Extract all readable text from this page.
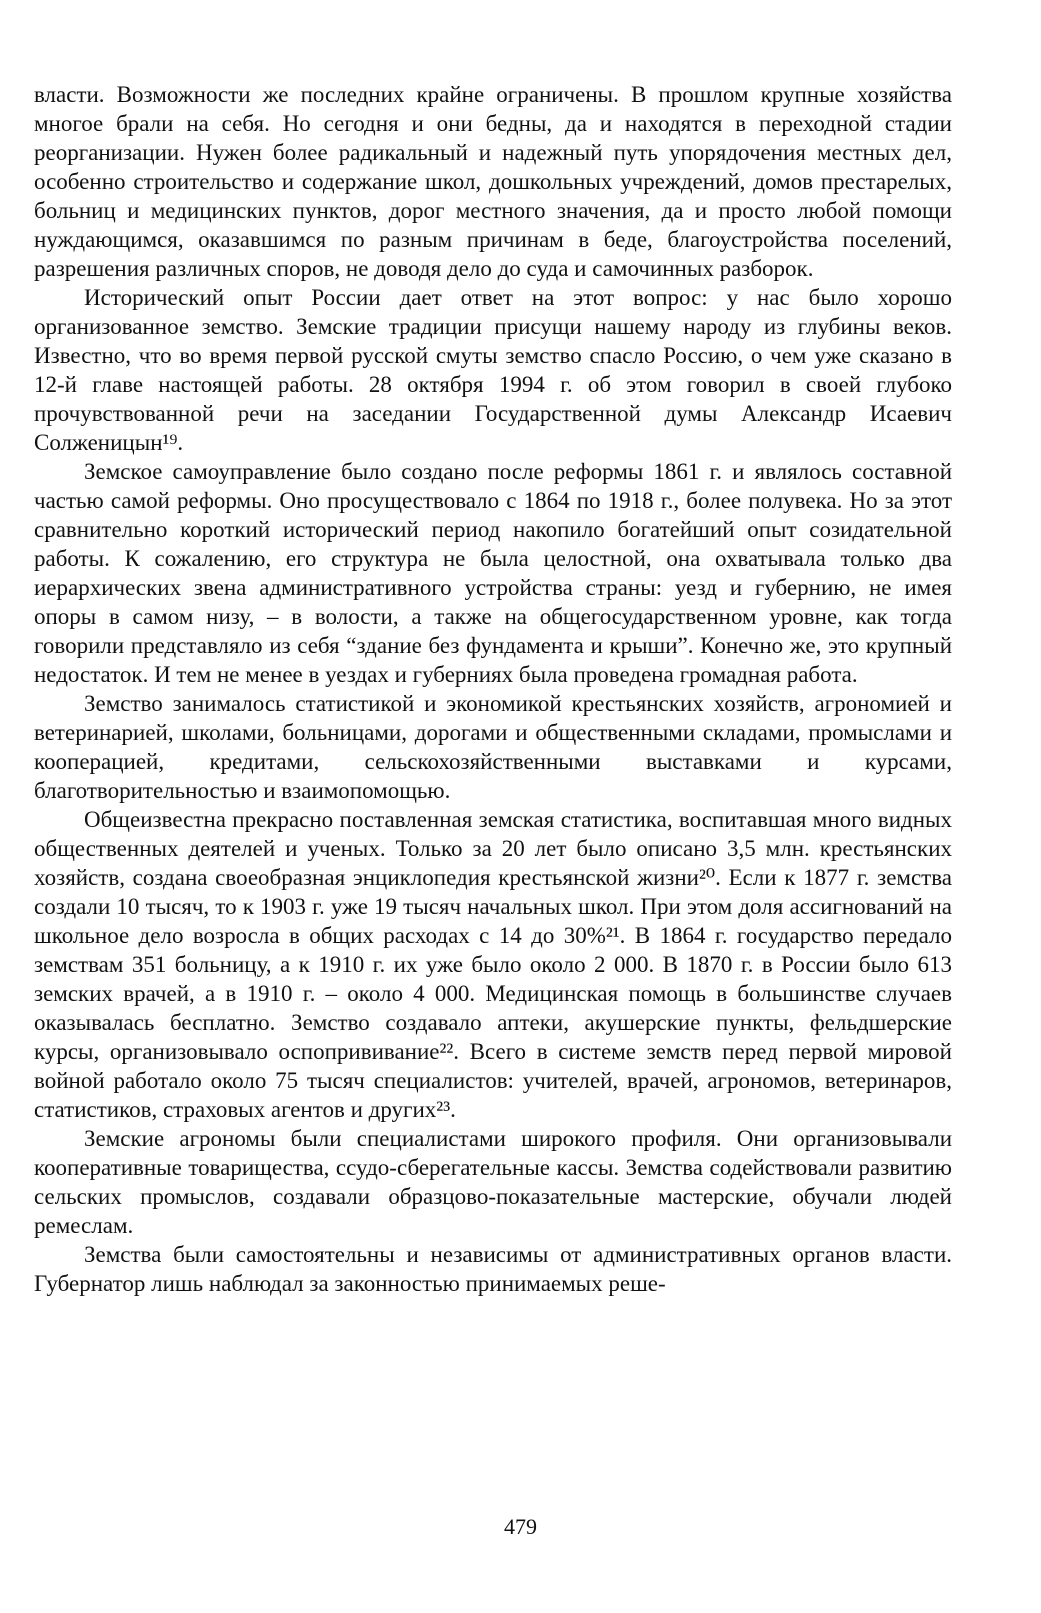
власти. Возможности же последних крайне ограничены. В прошлом крупные хозяйства многое брали на себя. Но сегодня и они бедны, да и находятся в переходной стадии реорганизации. Нужен более радикальный и надежный путь упорядочения местных дел, особенно строительство и содержание школ, дошкольных учреждений, домов престарелых, больниц и медицинских пунктов, дорог местного значения, да и просто любой помощи нуждающимся, оказавшимся по разным причинам в беде, благоустройства поселений, разрешения различных споров, не доводя дело до суда и самочинных разборок.

Исторический опыт России дает ответ на этот вопрос: у нас было хорошо организованное земство. Земские традиции присущи нашему народу из глубины веков. Известно, что во время первой русской смуты земство спасло Россию, о чем уже сказано в 12-й главе настоящей работы. 28 октября 1994 г. об этом говорил в своей глубоко прочувствованной речи на заседании Государственной думы Александр Исаевич Солженицын¹⁹.

Земское самоуправление было создано после реформы 1861 г. и являлось составной частью самой реформы. Оно просуществовало с 1864 по 1918 г., более полувека. Но за этот сравнительно короткий исторический период накопило богатейший опыт созидательной работы. К сожалению, его структура не была целостной, она охватывала только два иерархических звена административного устройства страны: уезд и губернию, не имея опоры в самом низу, – в волости, а также на общегосударственном уровне, как тогда говорили представляло из себя “здание без фундамента и крыши”. Конечно же, это крупный недостаток. И тем не менее в уездах и губерниях была проведена громадная работа.

Земство занималось статистикой и экономикой крестьянских хозяйств, агрономией и ветеринарией, школами, больницами, дорогами и общественными складами, промыслами и кооперацией, кредитами, сельскохозяйственными выставками и курсами, благотворительностью и взаимопомощью.

Общеизвестна прекрасно поставленная земская статистика, воспитавшая много видных общественных деятелей и ученых. Только за 20 лет было описано 3,5 млн. крестьянских хозяйств, создана своеобразная энциклопедия крестьянской жизни²⁰. Если к 1877 г. земства создали 10 тысяч, то к 1903 г. уже 19 тысяч начальных школ. При этом доля ассигнований на школьное дело возросла в общих расходах с 14 до 30%²¹. В 1864 г. государство передало земствам 351 больницу, а к 1910 г. их уже было около 2 000. В 1870 г. в России было 613 земских врачей, а в 1910 г. – около 4 000. Медицинская помощь в большинстве случаев оказывалась бесплатно. Земство создавало аптеки, акушерские пункты, фельдшерские курсы, организовывало оспопрививание²². Всего в системе земств перед первой мировой войной работало около 75 тысяч специалистов: учителей, врачей, агрономов, ветеринаров, статистиков, страховых агентов и других²³.

Земские агрономы были специалистами широкого профиля. Они организовывали кооперативные товарищества, ссудо-сберегательные кассы. Земства содействовали развитию сельских промыслов, создавали образцово-показательные мастерские, обучали людей ремеслам.

Земства были самостоятельны и независимы от административных органов власти. Губернатор лишь наблюдал за законностью принимаемых реше-

479
